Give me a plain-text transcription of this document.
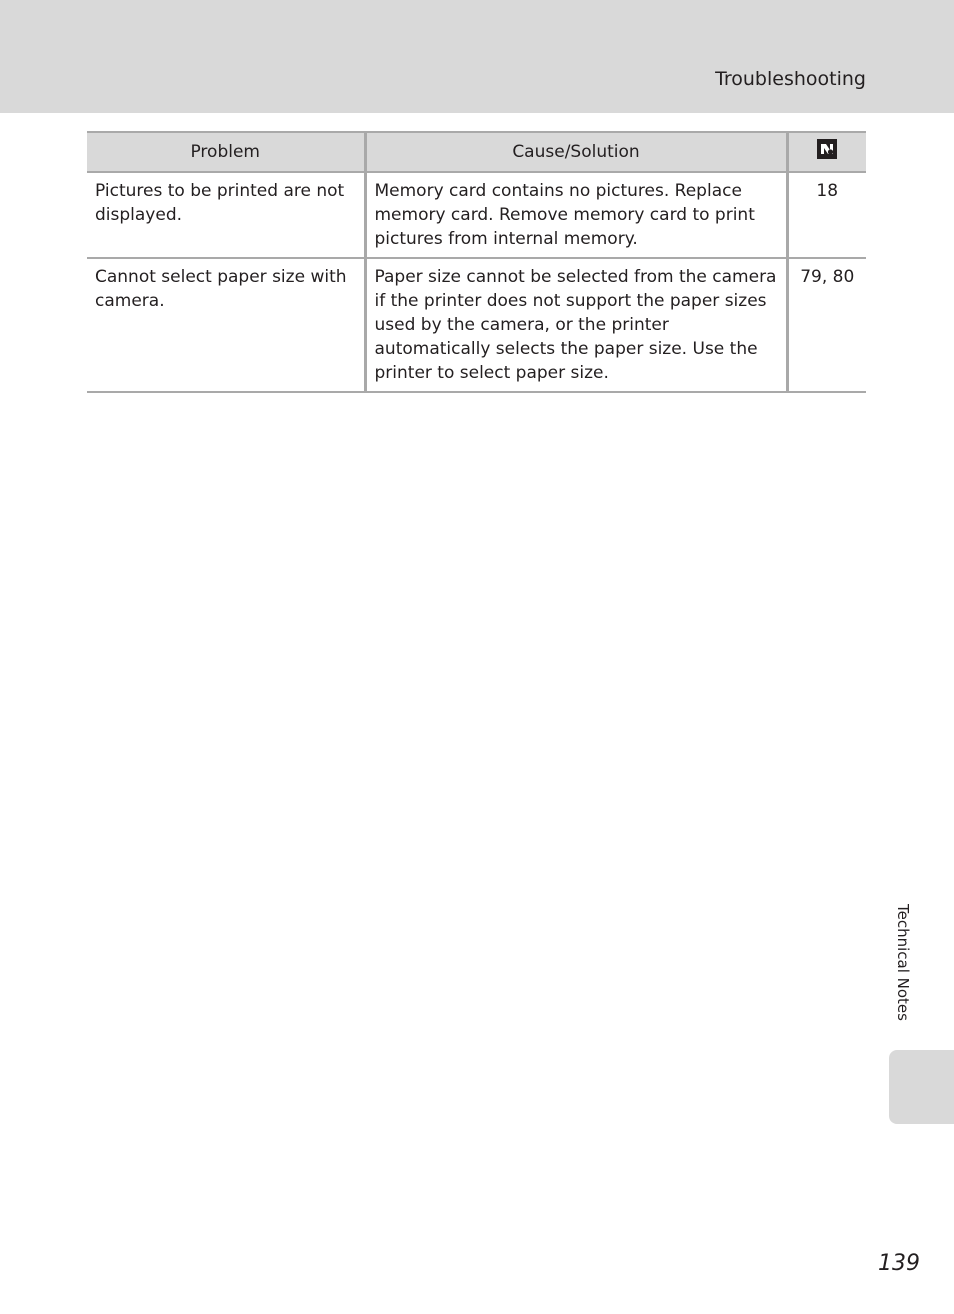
Troubleshooting
Problem	Cause/Solution	
Pictures to be printed are not displayed.	Memory card contains no pictures. Replace memory card. Remove memory card to print pictures from internal memory.	18
Cannot select paper size with camera.	Paper size cannot be selected from the camera if the printer does not support the paper sizes used by the camera, or the printer automatically selects the paper size. Use the printer to select paper size.	79, 80
Technical Notes
139
